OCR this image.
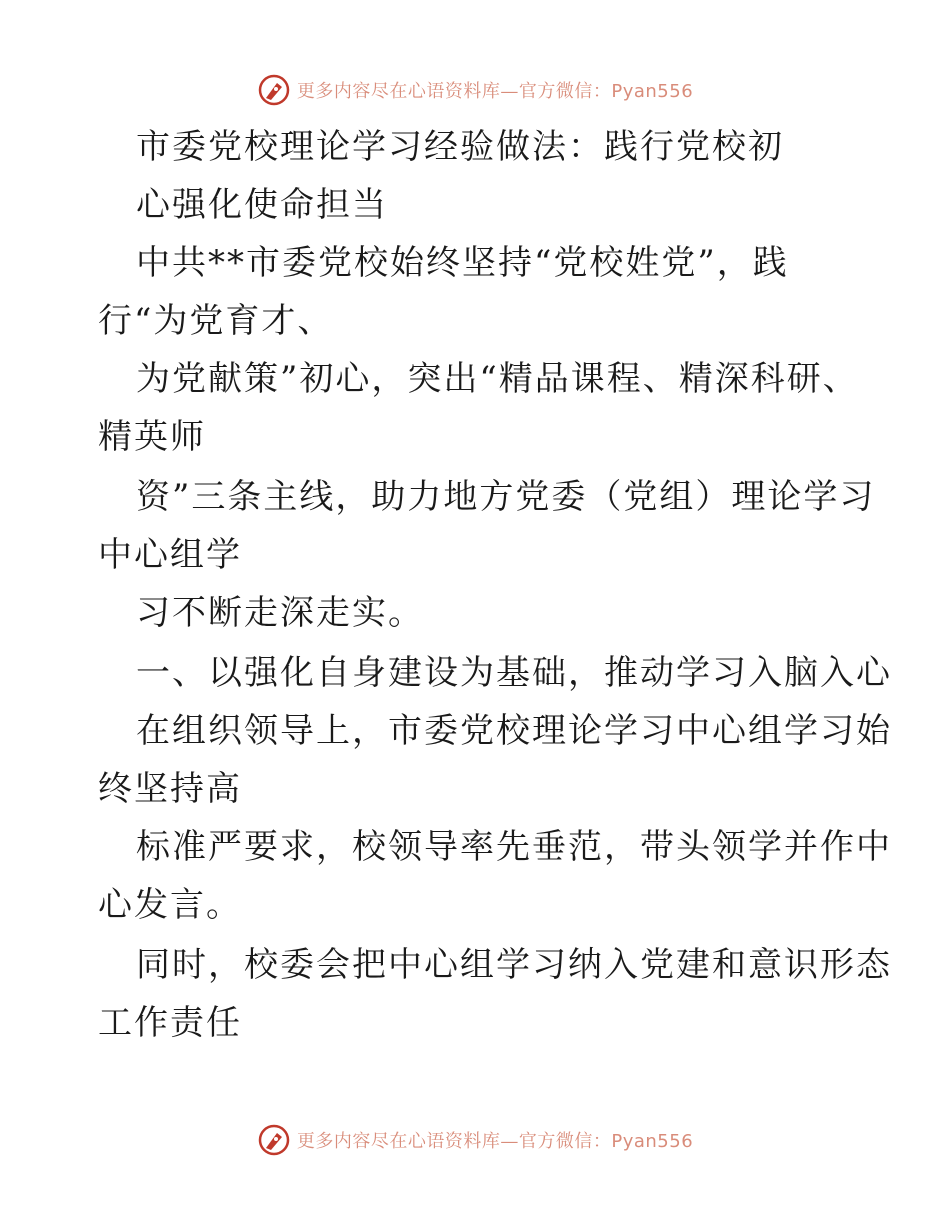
更多内容尽在心语资料库—官方微信：Pyan556
市委党校理论学习经验做法：践行党校初
心强化使命担当
中共**市委党校始终坚持“党校姓党”，践
行“为党育才、
为党献策”初心，突出“精品课程、精深科研、
精英师
资”三条主线，助力地方党委（党组）理论学习
中心组学
习不断走深走实。
一、以强化自身建设为基础，推动学习入脑入心
在组织领导上，市委党校理论学习中心组学习始
终坚持高
标准严要求，校领导率先垂范，带头领学并作中
心发言。
同时，校委会把中心组学习纳入党建和意识形态
工作责任
更多内容尽在心语资料库—官方微信：Pyan556
